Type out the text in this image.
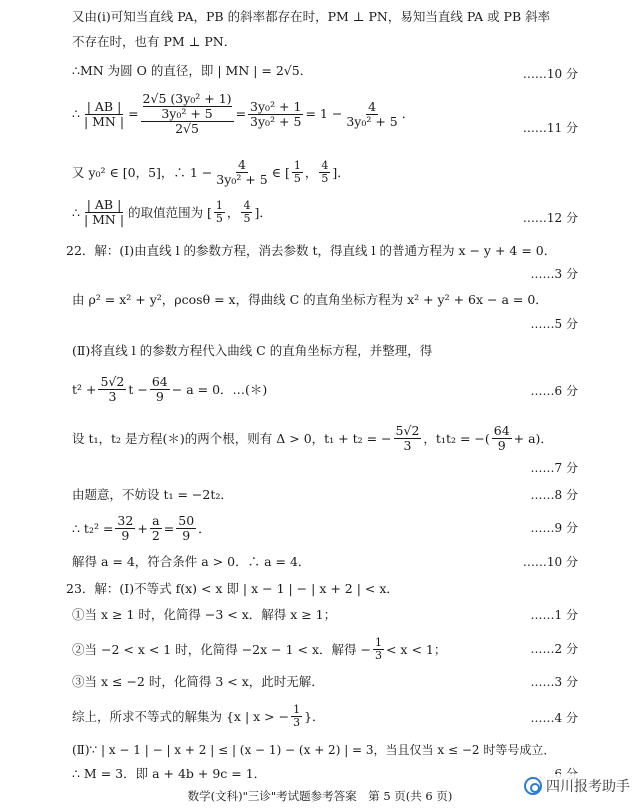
又由(i)可知当直线 PA，PB 的斜率都存在时，PM ⊥ PN，易知当直线 PA 或 PB 斜率
不存在时，也有 PM ⊥ PN．
∴MN 为圆 O 的直径，即 | MN | = 2√5．	……10 分
∴ $\frac{| AB |}{| MN |} = 2√5$ (3y₀² + 1)
3y₀² + 5
$2√5 = \frac{\text{3y₀² + 1}}{\text{3y₀² + 5}} = 1 - \frac{4}{\text{3y₀² + 5}}$ ．
……11 分
又 y₀² ∈ [0，5]，∴ $1 - \frac{4}{\text{3y₀² + 5}}$ ∈ [ $\frac{1}{5}$ ， $\frac{4}{5}$ ]．
∴ $\frac{| AB |}{| MN |}$ 的取值范围为 [ $\frac{1}{5}$ ， $\frac{4}{5}$ ]．	……12 分
22．解：(Ⅰ)由直线 l 的参数方程，消去参数 t，得直线 l 的普通方程为 x − y + 4 = 0．
……3 分
由 ρ² = x² + y²，ρcosθ = x，得曲线 C 的直角坐标方程为 x² + y² + 6x − a = 0．
……5 分
(Ⅱ)将直线 l 的参数方程代入曲线 C 的直角坐标方程，并整理，得
$t^2 + \frac{5√2}{3}$ $t - \frac{64}{9} - a = 0$．…(＊)	……6 分
设 t₁，t₂ 是方程(＊)的两个根，则有 Δ > 0，t₁ + t₂ = − $\frac{5√2}{3}$ ，t₁t₂ = −( $\frac{64}{9} + a$)．
……7 分
由题意，不妨设 t₁ = −2t₂．	……8 分
∴ $t_2^2 = \frac{32}{9} + \frac{a}{2} = \frac{50}{9}$ ．	……9 分
解得 a = 4，符合条件 a > 0．∴ a = 4．	……10 分
23．解：(Ⅰ)不等式 f(x) < x 即 | x − 1 | − | x + 2 | < x．
①当 x ≥ 1 时，化简得 −3 < x．解得 x ≥ 1；	……1 分
②当 −2 < x < 1 时，化简得 −2x − 1 < x．解得 − $\frac{1}{3} < x < 1$；	……2 分
③当 x ≤ −2 时，化简得 3 < x，此时无解．	……3 分
综上，所求不等式的解集为 {x | x > − $\frac{1}{3}$ }．	……4 分
(Ⅱ)∵ | x − 1 | − | x + 2 | ≤ | (x − 1) − (x + 2) | = 3，当且仅当 x ≤ −2 时等号成立．
∴ M = 3．即 a + 4b + 9c = 1．
数学(文科)"三诊"考试题参考答案　第 5 页(共 6 页)
四川报考助手
